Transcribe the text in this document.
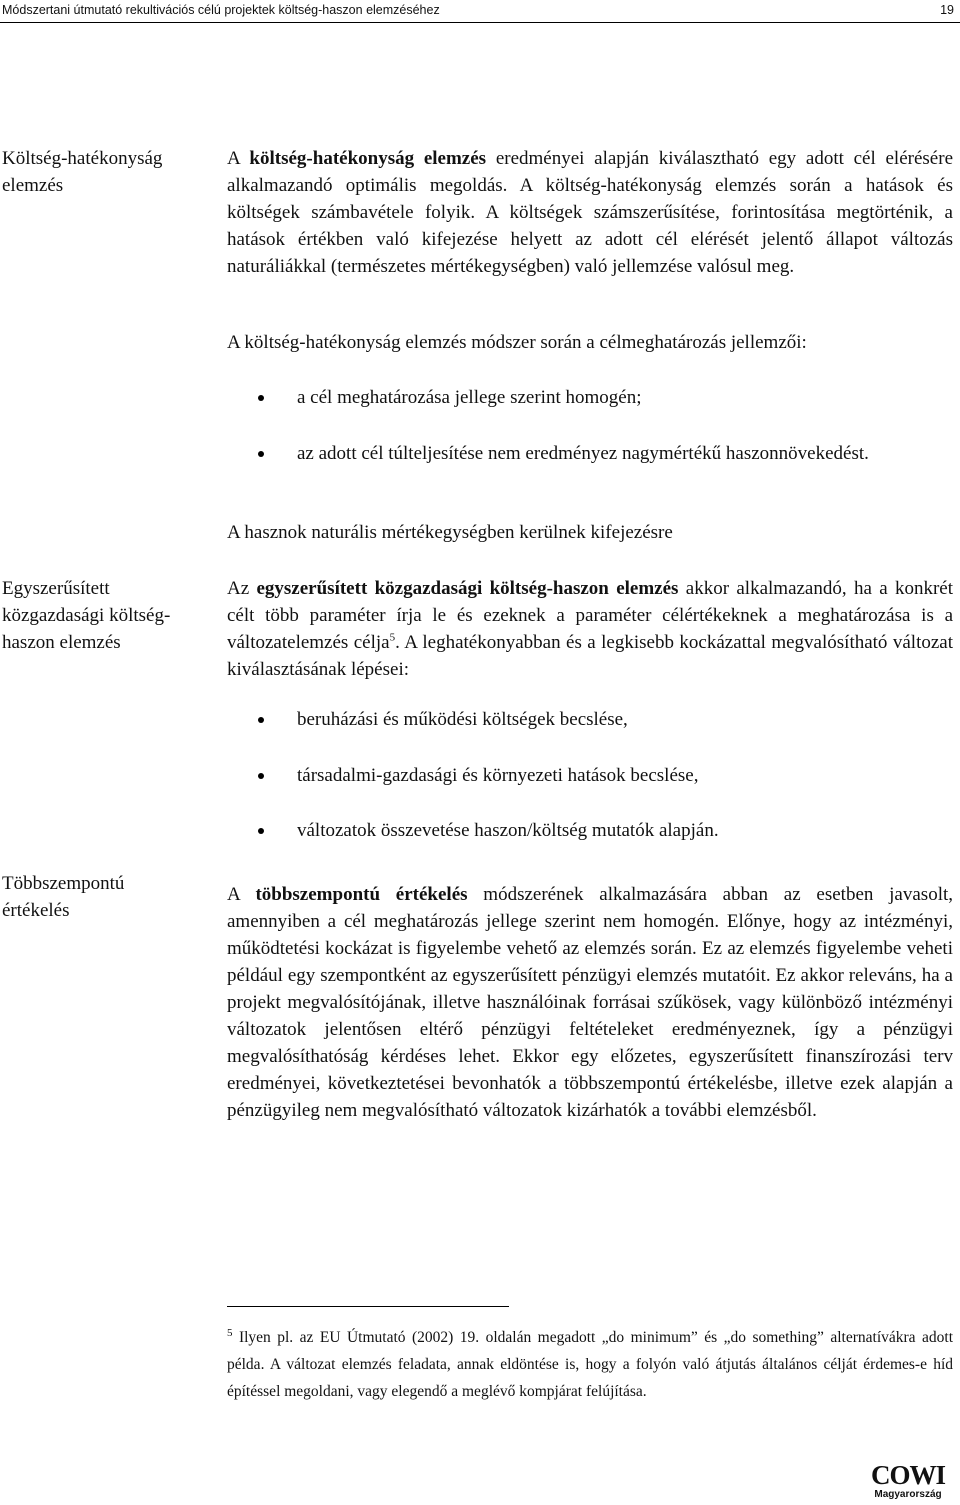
Módszertani útmutató rekultivációs célú projektek költség-haszon elemzéséhez	19
Költség-hatékonyság elemzés

A költség-hatékonyság elemzés eredményei alapján kiválasztható egy adott cél elérésére alkalmazandó optimális megoldás. A költség-hatékonyság elemzés során a hatások és költségek számbavétele folyik. A költségek számszerűsítése, forintosítása megtörténik, a hatások értékben való kifejezése helyett az adott cél elérését jelentő állapot változás naturáliákkal (természetes mértékegységben) való jellemzése valósul meg.

A költség-hatékonyság elemzés módszer során a célmeghatározás jellemzői:

a cél meghatározása jellege szerint homogén;
az adott cél túlteljesítése nem eredményez nagymértékű haszonnövekedést.

A hasznok naturális mértékegységben kerülnek kifejezésre

Egyszerűsített közgazdasági költség-haszon elemzés

Az egyszerűsített közgazdasági költség-haszon elemzés akkor alkalmazandó, ha a konkrét célt több paraméter írja le és ezeknek a paraméter célértékeknek a meghatározása is a változatelemzés célja$^5$. A leghatékonyabban és a legkisebb kockázattal megvalósítható változat kiválasztásának lépései:

beruházási és működési költségek becslése,
társadalmi-gazdasági és környezeti hatások becslése,
változatok összevetése haszon/költség mutatók alapján.
Többszempontú értékelés

A többszempontú értékelés módszerének alkalmazására abban az esetben javasolt, amennyiben a cél meghatározás jellege szerint nem homogén. Előnye, hogy az intézményi, működtetési kockázat is figyelembe vehető az elemzés során. Ez az elemzés figyelembe veheti például egy szempontként az egyszerűsített pénzügyi elemzés mutatóit. Ez akkor releváns, ha a projekt megvalósítójának, illetve használóinak forrásai szűkösek, vagy különböző intézményi változatok jelentősen eltérő pénzügyi feltételeket eredményeznek, így a pénzügyi megvalósíthatóság kérdéses lehet. Ekkor egy előzetes, egyszerűsített finanszírozási terv eredményei, következtetései bevonhatók a többszempontú értékelésbe, illetve ezek alapján a pénzügyileg nem megvalósítható változatok kizárhatók a további elemzésből.

$^5$ Ilyen pl. az EU Útmutató (2002) 19. oldalán megadott „do minimum” és „do something” alternatívákra adott példa. A változat elemzés feladata, annak eldöntése is, hogy a folyón való átjutás általános célját érdemes-e híd építéssel megoldani, vagy elegendő a meglévő kompjárat felújítása.
COWI
Magyarország
